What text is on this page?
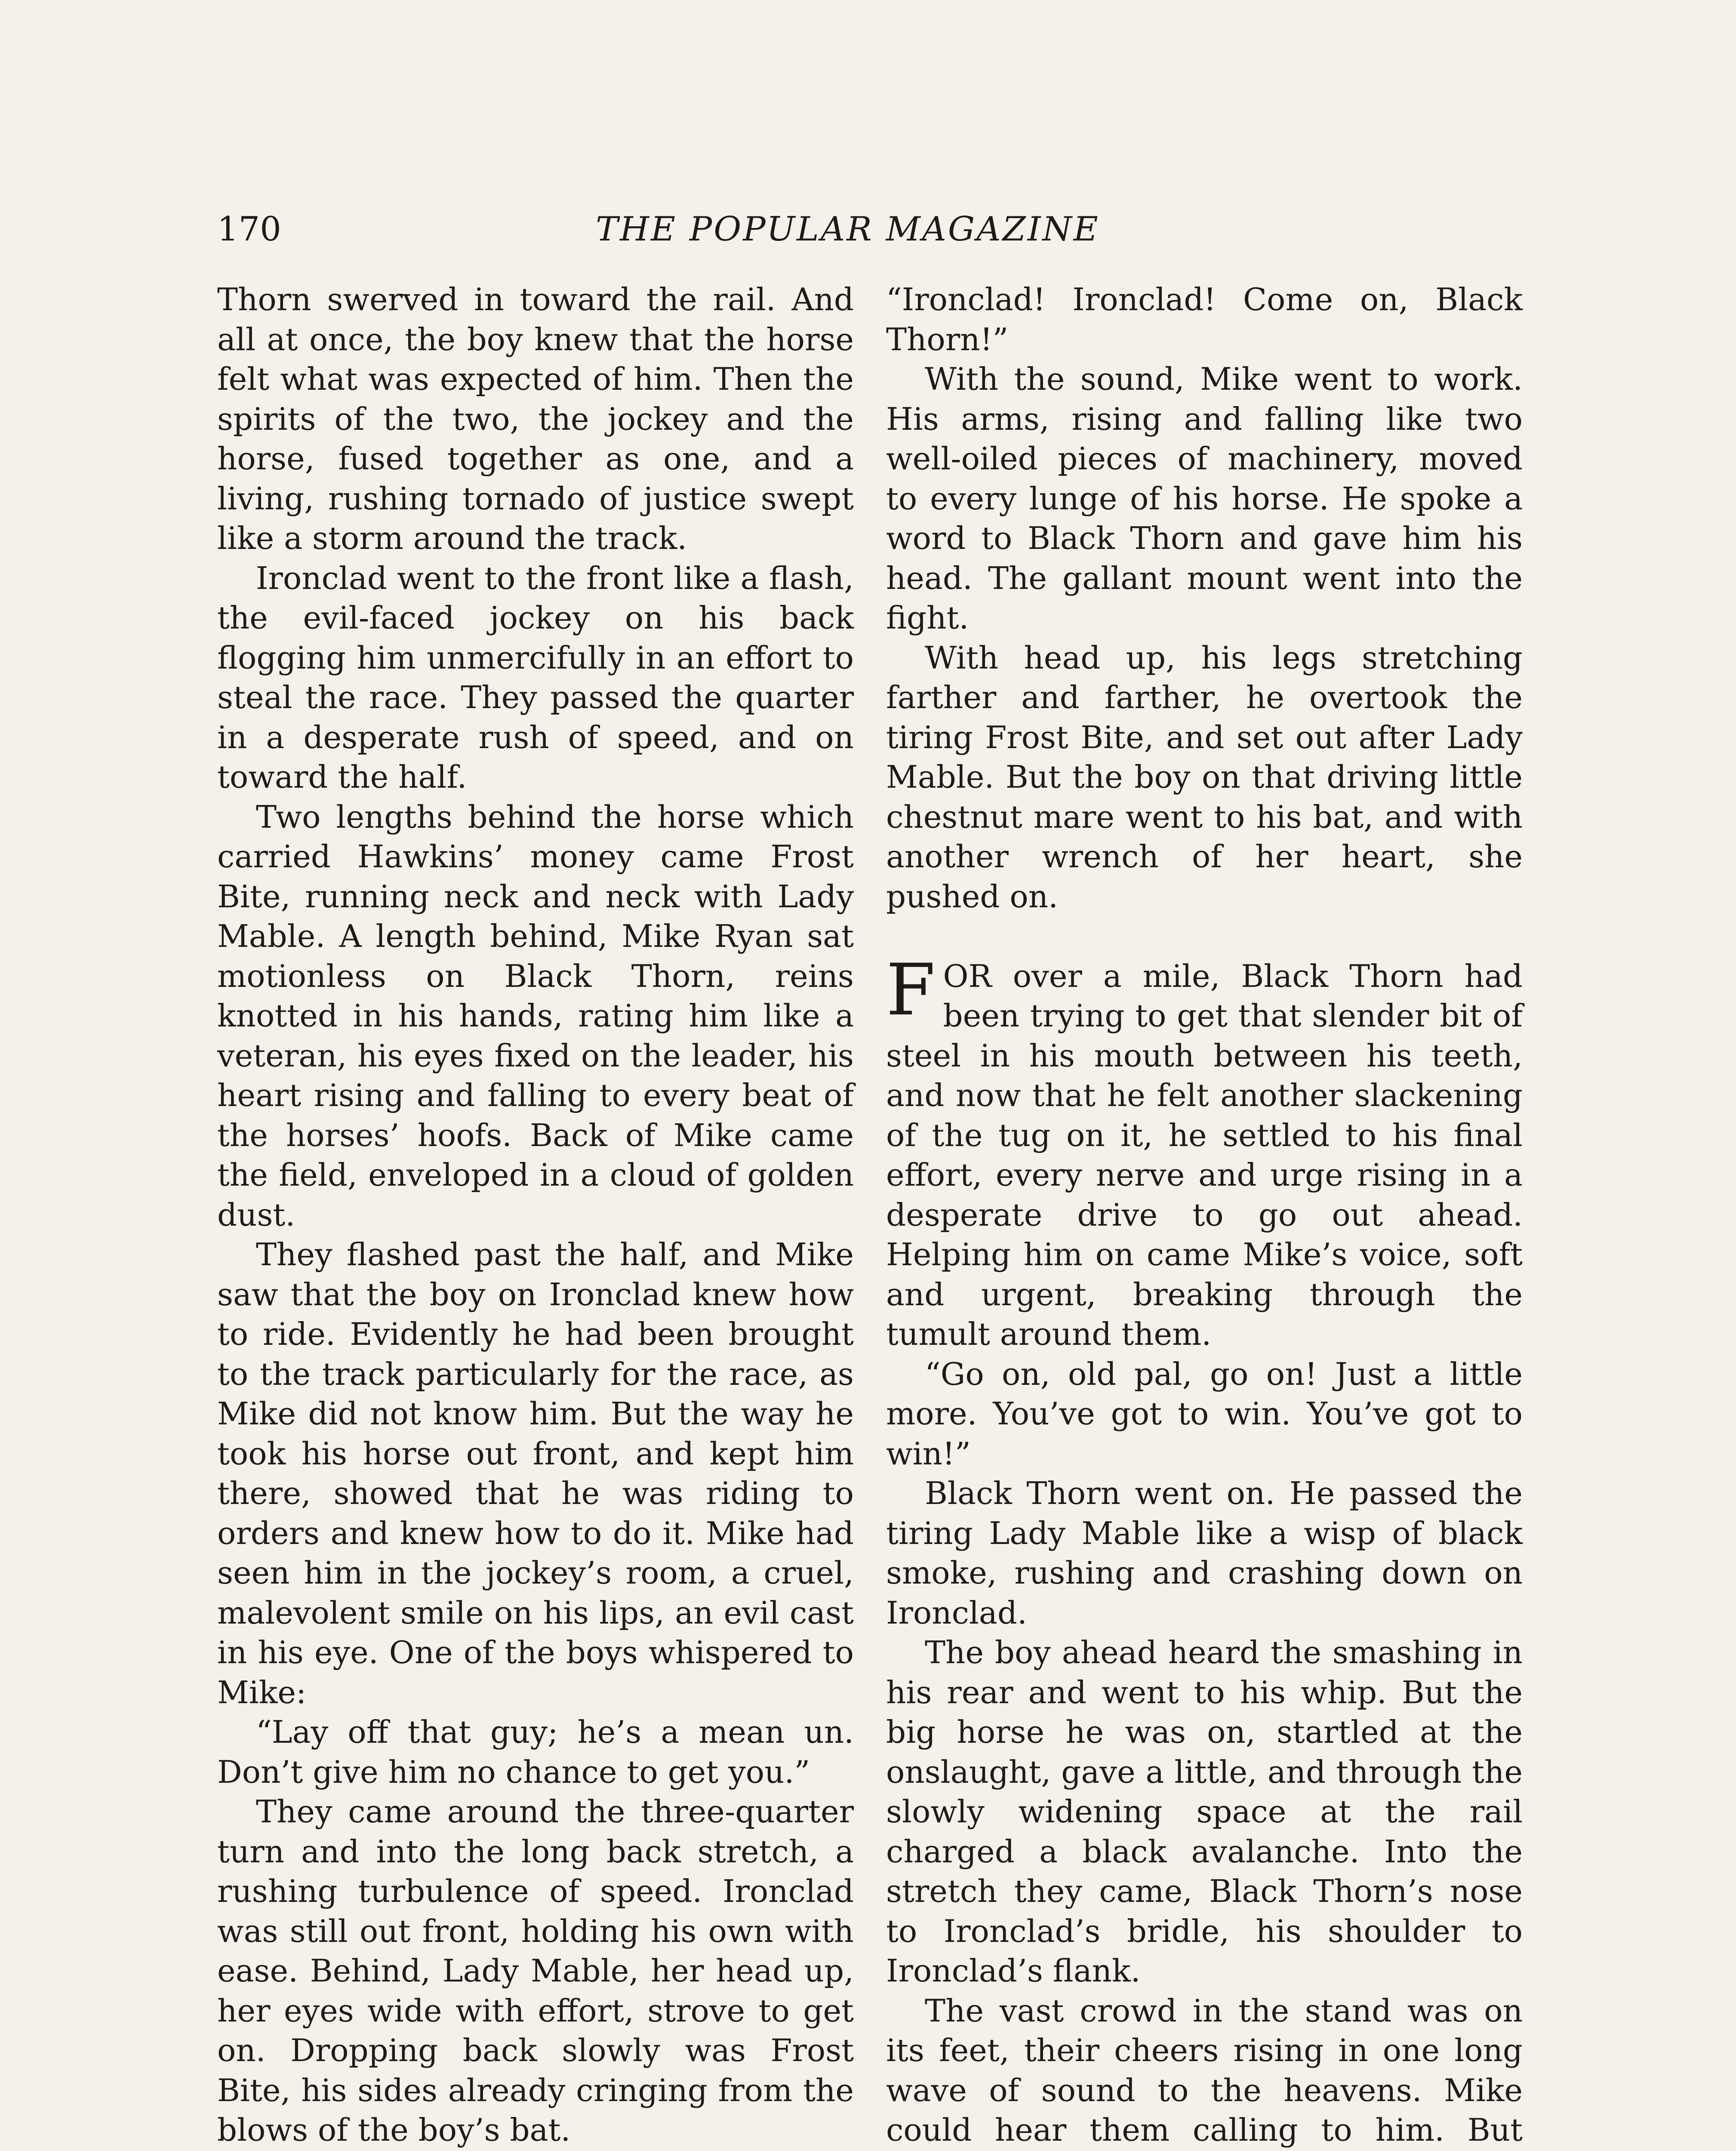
170	THE POPULAR MAGAZINE

Thorn swerved in toward the rail. And all at once, the boy knew that the horse felt what was expected of him. Then the spirits of the two, the jockey and the horse, fused together as one, and a living, rushing tornado of justice swept like a storm around the track.

Ironclad went to the front like a flash, the evil-faced jockey on his back flogging him unmercifully in an effort to steal the race. They passed the quarter in a desperate rush of speed, and on toward the half.

Two lengths behind the horse which carried Hawkins’ money came Frost Bite, running neck and neck with Lady Mable. A length behind, Mike Ryan sat motionless on Black Thorn, reins knotted in his hands, rating him like a veteran, his eyes fixed on the leader, his heart rising and falling to every beat of the horses’ hoofs. Back of Mike came the field, enveloped in a cloud of golden dust.

They flashed past the half, and Mike saw that the boy on Ironclad knew how to ride. Evidently he had been brought to the track particularly for the race, as Mike did not know him. But the way he took his horse out front, and kept him there, showed that he was riding to orders and knew how to do it. Mike had seen him in the jockey’s room, a cruel, malevolent smile on his lips, an evil cast in his eye. One of the boys whispered to Mike:

“Lay off that guy; he’s a mean un. Don’t give him no chance to get you.”

They came around the three-quarter turn and into the long back stretch, a rushing turbulence of speed. Ironclad was still out front, holding his own with ease. Behind, Lady Mable, her head up, her eyes wide with effort, strove to get on. Dropping back slowly was Frost Bite, his sides already cringing from the blows of the boy’s bat.

“Ironclad! Ironclad! Come on, Black Thorn!”

With the sound, Mike went to work. His arms, rising and falling like two well-oiled pieces of machinery, moved to every lunge of his horse. He spoke a word to Black Thorn and gave him his head. The gallant mount went into the fight.

With head up, his legs stretching farther and farther, he overtook the tiring Frost Bite, and set out after Lady Mable. But the boy on that driving little chestnut mare went to his bat, and with another wrench of her heart, she pushed on.

F OR over a mile, Black Thorn had been trying to get that slender bit of steel in his mouth between his teeth, and now that he felt another slackening of the tug on it, he settled to his final effort, every nerve and urge rising in a desperate drive to go out ahead. Helping him on came Mike’s voice, soft and urgent, breaking through the tumult around them.

“Go on, old pal, go on! Just a little more. You’ve got to win. You’ve got to win!”

Black Thorn went on. He passed the tiring Lady Mable like a wisp of black smoke, rushing and crashing down on Ironclad.

The boy ahead heard the smashing in his rear and went to his whip. But the big horse he was on, startled at the onslaught, gave a little, and through the slowly widening space at the rail charged a black avalanche. Into the stretch they came, Black Thorn’s nose to Ironclad’s bridle, his shoulder to Ironclad’s flank.

The vast crowd in the stand was on its feet, their cheers rising in one long wave of sound to the heavens. Mike could hear them calling to him. But
